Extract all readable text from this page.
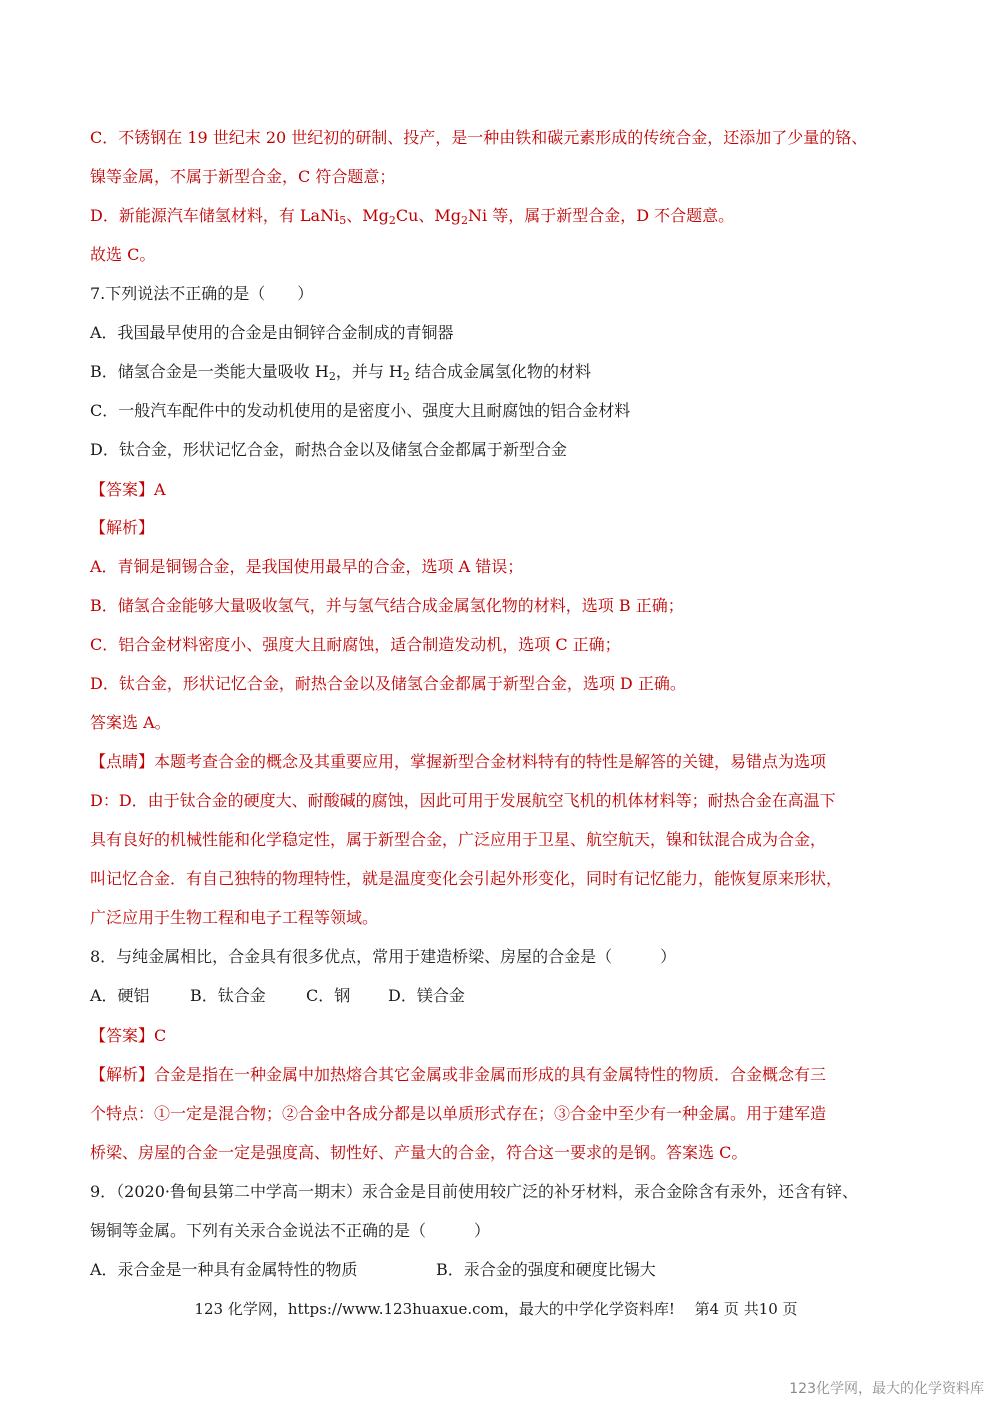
C．不锈钢在 19 世纪末 20 世纪初的研制、投产，是一种由铁和碳元素形成的传统合金，还添加了少量的铬、
镍等金属，不属于新型合金，C 符合题意；
D．新能源汽车储氢材料，有 LaNi$_5$、$Mg_2Cu$、$Mg_2Ni$ 等，属于新型合金，D 不合题意。
故选 C。
7.下列说法不正确的是（　　）
A．我国最早使用的合金是由铜锌合金制成的青铜器
B．储氢合金是一类能大量吸收 $H_2$，并与 $H_2$ 结合成金属氢化物的材料
C．一般汽车配件中的发动机使用的是密度小、强度大且耐腐蚀的铝合金材料
D．钛合金，形状记忆合金，耐热合金以及储氢合金都属于新型合金
【答案】A
【解析】
A．青铜是铜锡合金，是我国使用最早的合金，选项 A 错误；
B．储氢合金能够大量吸收氢气，并与氢气结合成金属氢化物的材料，选项 B 正确；
C．铝合金材料密度小、强度大且耐腐蚀，适合制造发动机，选项 C 正确；
D．钛合金，形状记忆合金，耐热合金以及储氢合金都属于新型合金，选项 D 正确。
答案选 A。
【点睛】本题考查合金的概念及其重要应用，掌握新型合金材料特有的特性是解答的关键，易错点为选项
D：D．由于钛合金的硬度大、耐酸碱的腐蚀，因此可用于发展航空飞机的机体材料等；耐热合金在高温下
具有良好的机械性能和化学稳定性，属于新型合金，广泛应用于卫星、航空航天，镍和钛混合成为合金，
叫记忆合金．有自己独特的物理特性，就是温度变化会引起外形变化，同时有记忆能力，能恢复原来形状，
广泛应用于生物工程和电子工程等领域。
8．与纯金属相比，合金具有很多优点，常用于建造桥梁、房屋的合金是（　　　）
A．硬铝	B．钛合金	C．钢	D．镁合金
【答案】C
【解析】合金是指在一种金属中加热熔合其它金属或非金属而形成的具有金属特性的物质．合金概念有三
个特点：①一定是混合物；②合金中各成分都是以单质形式存在；③合金中至少有一种金属。用于建军造
桥梁、房屋的合金一定是强度高、韧性好、产量大的合金，符合这一要求的是钢。答案选 C。
9．（2020·鲁甸县第二中学高一期末）汞合金是目前使用较广泛的补牙材料，汞合金除含有汞外，还含有锌、
锡铜等金属。下列有关汞合金说法不正确的是（　　　）
A．汞合金是一种具有金属特性的物质	B．汞合金的强度和硬度比锡大
123 化学网，https://www.123huaxue.com，最大的中学化学资料库!　 第4 页 共10 页
123化学网，最大的化学资料库
